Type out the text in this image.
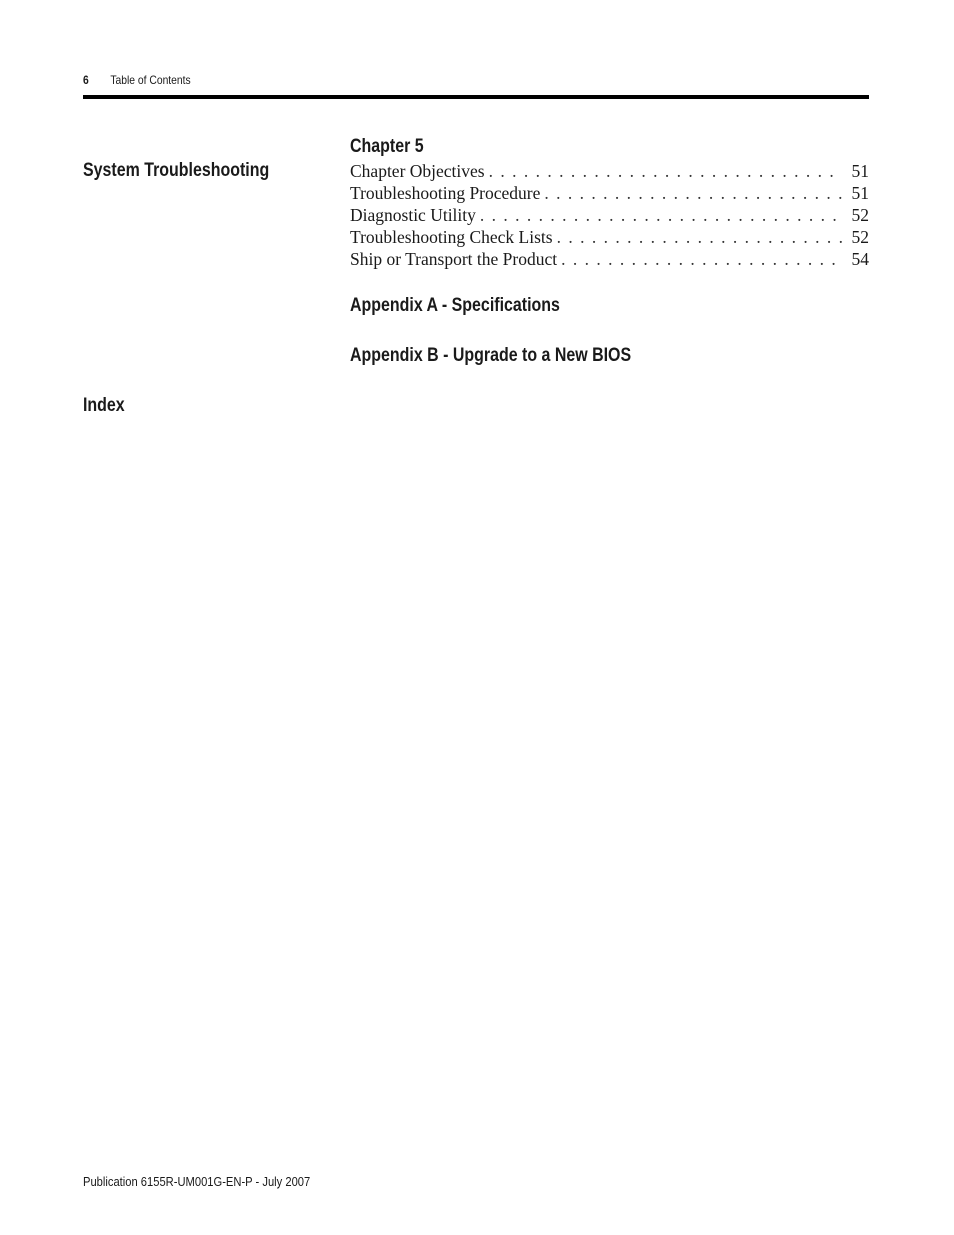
6 Table of Contents
Chapter 5
System Troubleshooting	Chapter Objectives . . .	51
Troubleshooting Procedure . . .	51
Diagnostic Utility . . .	52
Troubleshooting Check Lists . . .	52
Ship or Transport the Product . . .	54
Appendix A - Specifications
Appendix B - Upgrade to a New BIOS
Index
Publication 6155R-UM001G-EN-P - July 2007
